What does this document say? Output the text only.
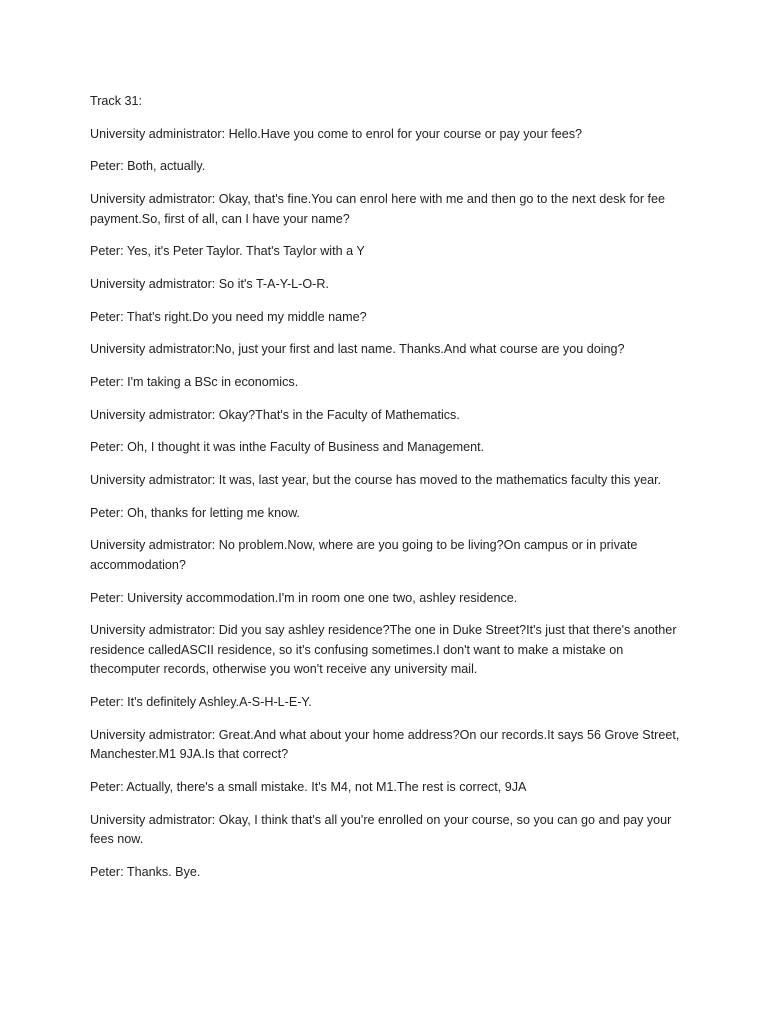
Track 31:

University administrator: Hello.Have you come to enrol for your course or pay your fees?

Peter: Both, actually.

University admistrator: Okay, that's fine.You can enrol here with me and then go to the next desk for fee payment.So, first of all, can I have your name?

Peter: Yes, it's Peter Taylor. That's Taylor with a Y

University admistrator: So it's T-A-Y-L-O-R.

Peter: That's right.Do you need my middle name?

University admistrator:No, just your first and last name. Thanks.And what course are you doing?

Peter: I'm taking a BSc in economics.

University admistrator: Okay?That's in the Faculty of Mathematics.

Peter: Oh, I thought it was inthe Faculty of Business and Management.

University admistrator: It was, last year, but the course has moved to the mathematics faculty this year.

Peter: Oh, thanks for letting me know.

University admistrator: No problem.Now, where are you going to be living?On campus or in private accommodation?

Peter: University accommodation.I'm in room one one two, ashley residence.

University admistrator: Did you say ashley residence?The one in Duke Street?It's just that there's another residence calledASCII residence, so it's confusing sometimes.I don't want to make a mistake on thecomputer records, otherwise you won't receive any university mail.

Peter: It's definitely Ashley.A-S-H-L-E-Y.

University admistrator: Great.And what about your home address?On our records.It says 56 Grove Street, Manchester.M1 9JA.Is that correct?

Peter: Actually, there's a small mistake. It's M4, not M1.The rest is correct, 9JA

University admistrator: Okay, I think that's all you're enrolled on your course, so you can go and pay your fees now.

Peter: Thanks. Bye.
